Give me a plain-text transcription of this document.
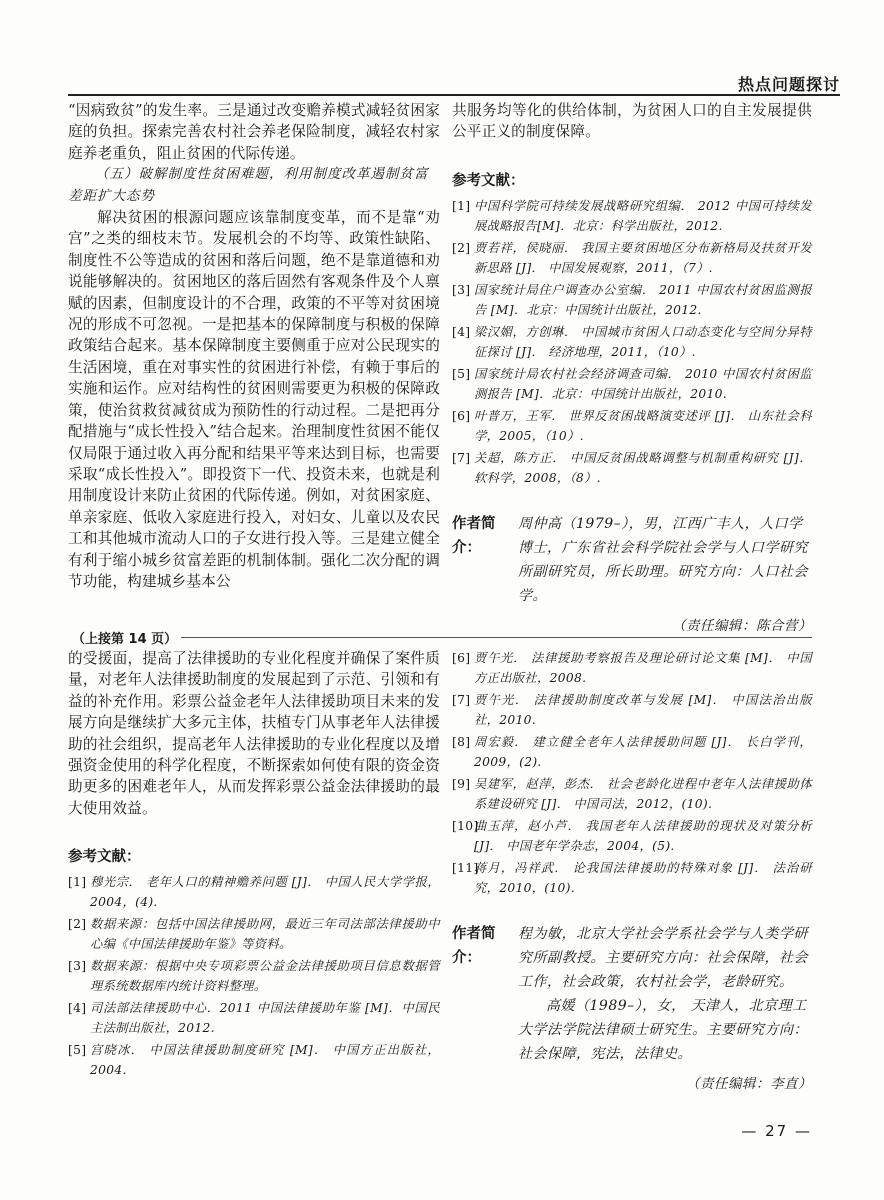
热点问题探讨

“因病致贫”的发生率。三是通过改变赡养模式减轻贫困家庭的负担。探索完善农村社会养老保险制度，减轻农村家庭养老重负，阻止贫困的代际传递。

（五）破解制度性贫困难题，利用制度改革遏制贫富差距扩大态势

解决贫困的根源问题应该靠制度变革，而不是靠“劝宫”之类的细枝末节。发展机会的不均等、政策性缺陷、制度性不公等造成的贫困和落后问题，绝不是靠道德和劝说能够解决的。贫困地区的落后固然有客观条件及个人禀赋的因素，但制度设计的不合理，政策的不平等对贫困境况的形成不可忽视。一是把基本的保障制度与积极的保障政策结合起来。基本保障制度主要侧重于应对公民现实的生活困境，重在对事实性的贫困进行补偿，有赖于事后的实施和运作。应对结构性的贫困则需要更为积极的保障政策，使治贫救贫减贫成为预防性的行动过程。二是把再分配措施与“成长性投入”结合起来。治理制度性贫困不能仅仅局限于通过收入再分配和结果平等来达到目标，也需要采取“成长性投入”。即投资下一代、投资未来，也就是利用制度设计来防止贫困的代际传递。例如，对贫困家庭、单亲家庭、低收入家庭进行投入，对妇女、儿童以及农民工和其他城市流动人口的子女进行投入等。三是建立健全有利于缩小城乡贫富差距的机制体制。强化二次分配的调节功能，构建城乡基本公

共服务均等化的供给体制，为贫困人口的自主发展提供公平正义的制度保障。

参考文献：

[1] 中国科学院可持续发展战略研究组编． 2012 中国可持续发展战略报告[M]．北京：科学出版社，2012.
[2] 贾若祥，侯晓丽． 我国主要贫困地区分布新格局及扶贫开发新思路 [J]． 中国发展观察，2011，（7）.
[3] 国家统计局住户调查办公室编． 2011 中国农村贫困监测报告 [M]．北京：中国统计出版社，2012.
[4] 梁汉媚，方创琳． 中国城市贫困人口动态变化与空间分异特征探讨 [J]． 经济地理，2011，（10）.
[5] 国家统计局农村社会经济调查司编． 2010 中国农村贫困监测报告 [M]．北京：中国统计出版社，2010.
[6] 叶普万，王军． 世界反贫困战略演变述评 [J]． 山东社会科学，2005，（10）.
[7] 关超，陈方正． 中国反贫困战略调整与机制重构研究 [J]． 软科学，2008，（8）.
作者简介：

周仲高（1979–），男，江西广丰人，人口学博士，广东省社会科学院社会学与人口学研究所副研究员，所长助理。研究方向：人口社会学。

（责任编辑：陈合营）
（上接第 14 页）

的受援面，提高了法律援助的专业化程度并确保了案件质量，对老年人法律援助制度的发展起到了示范、引领和有益的补充作用。彩票公益金老年人法律援助项目未来的发展方向是继续扩大多元主体，扶植专门从事老年人法律援助的社会组织，提高老年人法律援助的专业化程度以及增强资金使用的科学化程度，不断探索如何使有限的资金资助更多的困难老年人，从而发挥彩票公益金法律援助的最大使用效益。

参考文献：

[1] 穆光宗． 老年人口的精神赡养问题 [J]． 中国人民大学学报，2004，(4).
[2] 数据来源：包括中国法律援助网，最近三年司法部法律援助中心编《中国法律援助年鉴》等资料。
[3] 数据来源：根据中央专项彩票公益金法律援助项目信息数据管理系统数据库内统计资料整理。
[4] 司法部法律援助中心．2011 中国法律援助年鉴 [M]．中国民主法制出版社，2012.
[5] 宫晓冰． 中国法律援助制度研究 [M]． 中国方正出版社，2004.
[6] 贾午光． 法律援助考察报告及理论研讨论文集 [M]． 中国方正出版社，2008.
[7] 贾午光． 法律援助制度改革与发展 [M]． 中国法治出版社，2010.
[8] 周宏毅． 建立健全老年人法律援助问题 [J]． 长白学刊，2009，(2).
[9] 吴建军，赵萍，彭杰． 社会老龄化进程中老年人法律援助体系建设研究 [J]． 中国司法，2012，(10).
[10]
曲玉萍，赵小芦． 我国老年人法律援助的现状及对策分析 [J]． 中国老年学杂志，2004，(5).
[11]
蒋月，冯祥武． 论我国法律援助的特殊对象 [J]． 法治研究，2010，(10).
作者简介：

程为敏，北京大学社会学系社会学与人类学研究所副教授。主要研究方向：社会保障，社会工作，社会政策，农村社会学，老龄研究。

高媛（1989–），女， 天津人，北京理工大学法学院法律硕士研究生。主要研究方向：社会保障，宪法，法律史。

（责任编辑：李直）
— 27 —
